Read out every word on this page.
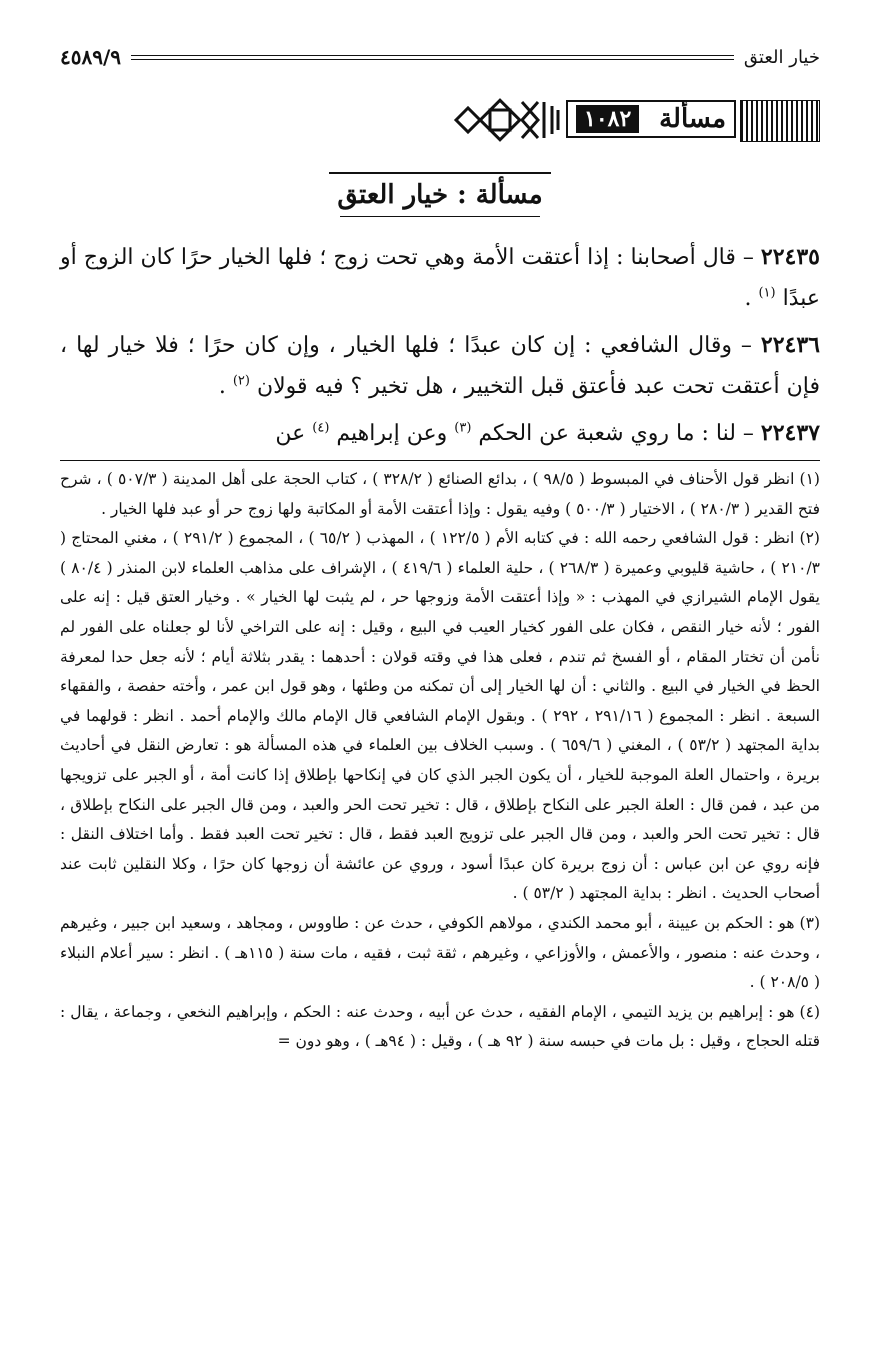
خيار العتق
٤٥٨٩/٩
مسألة
١٠٨٢
مسألة : خيار العتق

٢٢٤٣٥ – قال أصحابنا : إذا أعتقت الأمة وهي تحت زوج ؛ فلها الخيار حرًا كان الزوج أو عبدًا $^{(١)}$ .

٢٢٤٣٦ – وقال الشافعي : إن كان عبدًا ؛ فلها الخيار ، وإن كان حرًا ؛ فلا خيار لها ، فإن أعتقت تحت عبد فأعتق قبل التخيير ، هل تخير ؟ فيه قولان $^{(٢)}$ .

٢٢٤٣٧ – لنا : ما روي شعبة عن الحكم $^{(٣)}$ وعن إبراهيم $^{(٤)}$ عن

(١) انظر قول الأحناف في المبسوط ( ٩٨/٥ ) ، بدائع الصنائع ( ٣٢٨/٢ ) ، كتاب الحجة على أهل المدينة ( ٥٠٧/٣ ) ، شرح فتح القدير ( ٢٨٠/٣ ) ، الاختيار ( ٥٠٠/٣ ) وفيه يقول : وإذا أعتقت الأمة أو المكاتبة ولها زوج حر أو عبد فلها الخيار .

(٢) انظر : قول الشافعي رحمه الله : في كتابه الأم ( ١٢٢/٥ ) ، المهذب ( ٦٥/٢ ) ، المجموع ( ٢٩١/٢ ) ، مغني المحتاج ( ٢١٠/٣ ) ، حاشية قليوبي وعميرة ( ٢٦٨/٣ ) ، حلية العلماء ( ٤١٩/٦ ) ، الإشراف على مذاهب العلماء لابن المنذر ( ٨٠/٤ ) يقول الإمام الشيرازي في المهذب : « وإذا أعتقت الأمة وزوجها حر ، لم يثبت لها الخيار » . وخيار العتق قيل : إنه على الفور ؛ لأنه خيار النقص ، فكان على الفور كخيار العيب في البيع ، وقيل : إنه على التراخي لأنا لو جعلناه على الفور لم نأمن أن تختار المقام ، أو الفسخ ثم تندم ، فعلى هذا في وقته قولان : أحدهما : يقدر بثلاثة أيام ؛ لأنه جعل حدا لمعرفة الحظ في الخيار في البيع . والثاني : أن لها الخيار إلى أن تمكنه من وطئها ، وهو قول ابن عمر ، وأخته حفصة ، والفقهاء السبعة . انظر : المجموع ( ٢٩١/١٦ ، ٢٩٢ ) . وبقول الإمام الشافعي قال الإمام مالك والإمام أحمد . انظر : قولهما في بداية المجتهد ( ٥٣/٢ ) ، المغني ( ٦٥٩/٦ ) . وسبب الخلاف بين العلماء في هذه المسألة هو : تعارض النقل في أحاديث بريرة ، واحتمال العلة الموجبة للخيار ، أن يكون الجبر الذي كان في إنكاحها بإطلاق إذا كانت أمة ، أو الجبر على تزويجها من عبد ، فمن قال : العلة الجبر على النكاح بإطلاق ، قال : تخير تحت الحر والعبد ، ومن قال الجبر على النكاح بإطلاق ، قال : تخير تحت الحر والعبد ، ومن قال الجبر على تزويج العبد فقط ، قال : تخير تحت العبد فقط . وأما اختلاف النقل : فإنه روي عن ابن عباس : أن زوج بريرة كان عبدًا أسود ، وروي عن عائشة أن زوجها كان حرًا ، وكلا النقلين ثابت عند أصحاب الحديث . انظر : بداية المجتهد ( ٥٣/٢ ) .

(٣) هو : الحكم بن عيينة ، أبو محمد الكندي ، مولاهم الكوفي ، حدث عن : طاووس ، ومجاهد ، وسعيد ابن جبير ، وغيرهم ، وحدث عنه : منصور ، والأعمش ، والأوزاعي ، وغيرهم ، ثقة ثبت ، فقيه ، مات سنة ( ١١٥هـ ) . انظر : سير أعلام النبلاء ( ٢٠٨/٥ ) .

(٤) هو : إبراهيم بن يزيد التيمي ، الإمام الفقيه ، حدث عن أبيه ، وحدث عنه : الحكم ، وإبراهيم النخعي ، وجماعة ، يقال : قتله الحجاج ، وقيل : بل مات في حبسه سنة ( ٩٢ هـ ) ، وقيل : ( ٩٤هـ ) ، وهو دون =
